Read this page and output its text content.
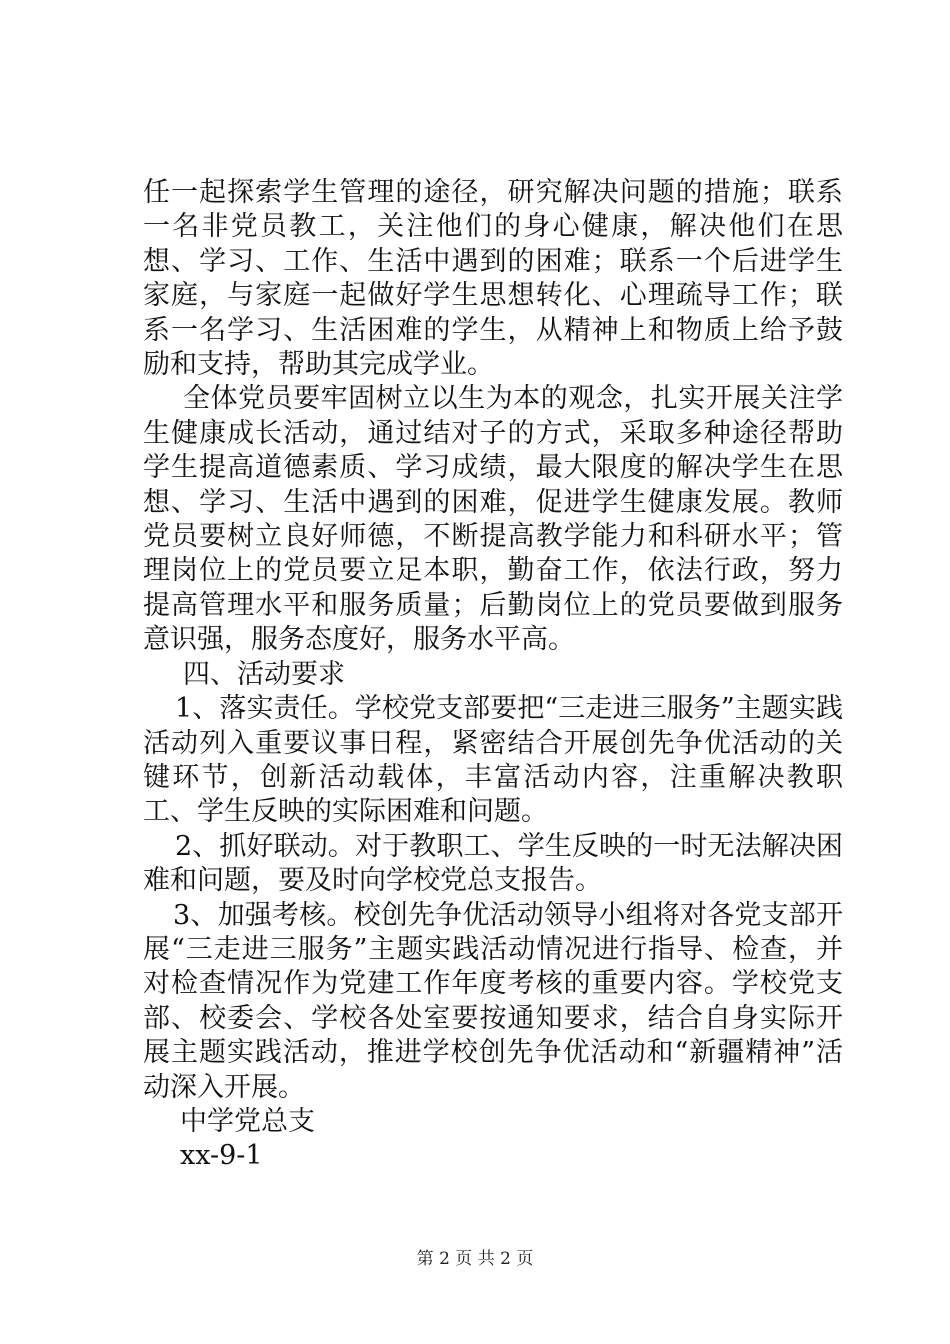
任一起探索学生管理的途径，研究解决问题的措施；联系一名非党员教工，关注他们的身心健康，解决他们在思想、学习、工作、生活中遇到的困难；联系一个后进学生家庭，与家庭一起做好学生思想转化、心理疏导工作；联系一名学习、生活困难的学生，从精神上和物质上给予鼓励和支持，帮助其完成学业。

全体党员要牢固树立以生为本的观念，扎实开展关注学生健康成长活动，通过结对子的方式，采取多种途径帮助学生提高道德素质、学习成绩，最大限度的解决学生在思想、学习、生活中遇到的困难，促进学生健康发展。教师党员要树立良好师德，不断提高教学能力和科研水平；管理岗位上的党员要立足本职，勤奋工作，依法行政，努力提高管理水平和服务质量；后勤岗位上的党员要做到服务意识强，服务态度好，服务水平高。

四、活动要求

1、落实责任。学校党支部要把“三走进三服务”主题实践活动列入重要议事日程，紧密结合开展创先争优活动的关键环节，创新活动载体，丰富活动内容，注重解决教职工、学生反映的实际困难和问题。

2、抓好联动。对于教职工、学生反映的一时无法解决困难和问题，要及时向学校党总支报告。

3、加强考核。校创先争优活动领导小组将对各党支部开展“三走进三服务”主题实践活动情况进行指导、检查，并对检查情况作为党建工作年度考核的重要内容。学校党支部、校委会、学校各处室要按通知要求，结合自身实际开展主题实践活动，推进学校创先争优活动和“新疆精神”活动深入开展。

中学党总支

xx-9-1

第 2 页 共 2 页
